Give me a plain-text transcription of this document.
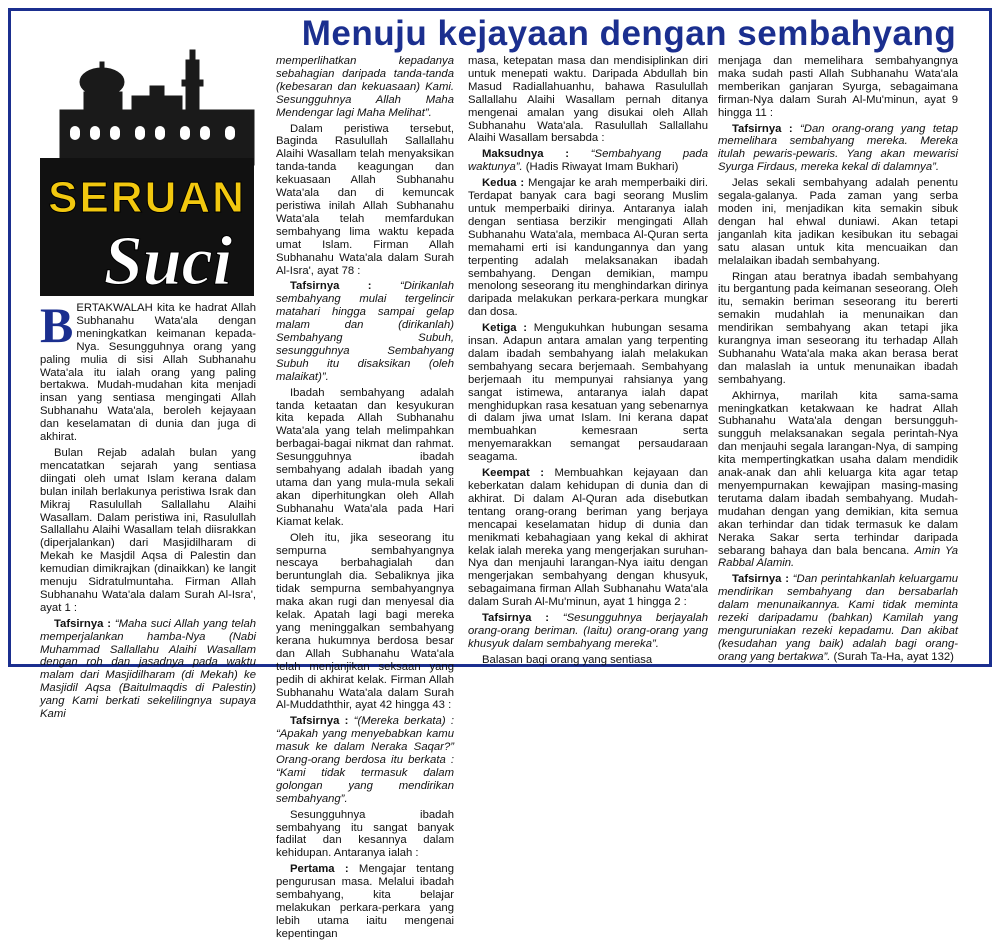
Menuju kejayaan dengan sembahyang
SERUAN
Suci

BERTAKWALAH kita ke hadrat Allah Subhanahu Wata'ala dengan meningkatkan keimanan kepada-Nya. Sesungguhnya orang yang paling mulia di sisi Allah Subhanahu Wata'ala itu ialah orang yang paling bertakwa. Mudah-mudahan kita menjadi insan yang sentiasa mengingati Allah Subhanahu Wata'ala, beroleh kejayaan dan keselamatan di dunia dan juga di akhirat.

Bulan Rejab adalah bulan yang mencatatkan sejarah yang sentiasa diingati oleh umat Islam kerana dalam bulan inilah berlakunya peristiwa Israk dan Mikraj Rasulullah Sallallahu Alaihi Wasallam. Dalam peristiwa ini, Rasulullah Sallallahu Alaihi Wasallam telah diisrakkan (diperjalankan) dari Masjidilharam di Mekah ke Masjdil Aqsa di Palestin dan kemudian dimikrajkan (dinaikkan) ke langit menuju Sidratulmuntaha. Firman Allah Subhanahu Wata'ala dalam Surah Al-Isra', ayat 1 :

Tafsirnya : “Maha suci Allah yang telah memperjalankan hamba-Nya (Nabi Muhammad Sallallahu Alaihi Wasallam dengan roh dan jasadnya pada waktu malam dari Masjidilharam (di Mekah) ke Masjidil Aqsa (Baitulmaqdis di Palestin) yang Kami berkati sekelilingnya supaya Kami

memperlihatkan kepadanya sebahagian daripada tanda-tanda (kebesaran dan kekuasaan) Kami. Sesungguhnya Allah Maha Mendengar lagi Maha Melihat”.

Dalam peristiwa tersebut, Baginda Rasulullah Sallallahu Alaihi Wasallam telah menyaksikan tanda-tanda keagungan dan kekuasaan Allah Subhanahu Wata'ala dan di kemuncak peristiwa inilah Allah Subhanahu Wata'ala telah memfardukan sembahyang lima waktu kepada umat Islam. Firman Allah Subhanahu Wata'ala dalam Surah Al-Isra', ayat 78 :

Tafsirnya :	“Dirikanlah sembahyang mulai tergelincir matahari hingga sampai gelap malam dan (dirikanlah) Sembahyang Subuh, sesungguhnya Sembahyang Subuh itu disaksikan (oleh malaikat)”.

Ibadah sembahyang adalah tanda ketaatan dan kesyukuran kita kepada Allah Subhanahu Wata'ala yang telah melimpahkan berbagai-bagai nikmat dan rahmat. Sesungguhnya ibadah sembahyang adalah ibadah yang utama dan yang mula-mula sekali akan diperhitungkan oleh Allah Subhanahu Wata'ala pada Hari Kiamat kelak.

Oleh itu, jika seseorang itu sempurna sembahyangnya nescaya berbahagialah dan beruntunglah dia. Sebaliknya jika tidak sempurna sembahyangnya maka akan rugi dan menyesal dia kelak. Apatah lagi bagi mereka yang meninggalkan sembahyang kerana hukumnya berdosa besar dan Allah Subhanahu Wata'ala telah menjanjikan seksaan yang pedih di akhirat kelak. Firman Allah Subhanahu Wata'ala dalam Surah Al-Muddaththir, ayat 42 hingga 43 :

Tafsirnya : “(Mereka berkata) : “Apakah yang menyebabkan kamu masuk ke dalam Neraka Saqar?” Orang-orang berdosa itu berkata : “Kami tidak termasuk dalam golongan yang mendirikan sembahyang”.

Sesungguhnya ibadah sembahyang itu sangat banyak fadilat dan kesannya dalam kehidupan. Antaranya ialah :

Pertama : Mengajar tentang pengurusan masa. Melalui ibadah sembahyang, kita belajar melakukan perkara-perkara yang lebih utama iaitu mengenai kepentingan

masa, ketepatan masa dan mendisiplinkan diri untuk menepati waktu. Daripada Abdullah bin Masud Radiallahuanhu, bahawa Rasulullah Sallallahu Alaihi Wasallam pernah ditanya mengenai amalan yang disukai oleh Allah Subhanahu Wata'ala. Rasulullah Sallallahu Alaihi Wasallam bersabda :

Maksudnya : “Sembahyang pada waktunya”. (Hadis Riwayat Imam Bukhari)

Kedua : Mengajar ke arah memperbaiki diri. Terdapat banyak cara bagi seorang Muslim untuk memperbaiki dirinya. Antaranya ialah dengan sentiasa berzikir mengingati Allah Subhanahu Wata'ala, membaca Al-Quran serta memahami erti isi kandungannya dan yang terpenting adalah melaksanakan ibadah sembahyang. Dengan demikian, mampu menolong seseorang itu menghindarkan dirinya daripada melakukan perkara-perkara mungkar dan dosa.

Ketiga : Mengukuhkan hubungan sesama insan. Adapun antara amalan yang terpenting dalam ibadah sembahyang ialah melakukan sembahyang secara berjemaah. Sembahyang berjemaah itu mempunyai rahsianya yang sangat istimewa, antaranya ialah dapat menghidupkan rasa kesatuan yang sebenarnya di dalam jiwa umat Islam. Ini kerana dapat membuahkan kemesraan serta menyemarakkan semangat persaudaraan seagama.

Keempat : Membuahkan kejayaan dan keberkatan dalam kehidupan di dunia dan di akhirat. Di dalam Al-Quran ada disebutkan tentang orang-orang beriman yang berjaya mencapai keselamatan hidup di dunia dan menikmati kebahagiaan yang kekal di akhirat kelak ialah mereka yang mengerjakan suruhan-Nya dan menjauhi larangan-Nya iaitu dengan mengerjakan sembahyang dengan khusyuk, sebagaimana firman Allah Subhanahu Wata'ala dalam Surah Al-Mu'minun, ayat 1 hingga 2 :

Tafsirnya : “Sesungguhnya berjayalah orang-orang beriman. (Iaitu) orang-orang yang khusyuk dalam sembahyang mereka”.

Balasan bagi orang yang sentiasa

menjaga dan memelihara sembahyangnya maka sudah pasti Allah Subhanahu Wata'ala memberikan ganjaran Syurga, sebagaimana firman-Nya dalam Surah Al-Mu'minun, ayat 9 hingga 11 :

Tafsirnya : “Dan orang-orang yang tetap memelihara sembahyang mereka. Mereka itulah pewaris-pewaris. Yang akan mewarisi Syurga Firdaus, mereka kekal di dalamnya”.

Jelas sekali sembahyang adalah penentu segala-galanya. Pada zaman yang serba moden ini, menjadikan kita semakin sibuk dengan hal ehwal duniawi. Akan tetapi janganlah kita jadikan kesibukan itu sebagai satu alasan untuk kita mencuaikan dan melalaikan ibadah sembahyang.

Ringan atau beratnya ibadah sembahyang itu bergantung pada keimanan seseorang. Oleh itu, semakin beriman seseorang itu bererti semakin mudahlah ia menunaikan dan mendirikan sembahyang akan tetapi jika kurangnya iman seseorang itu terhadap Allah Subhanahu Wata'ala maka akan berasa berat dan malaslah ia untuk menunaikan ibadah sembahyang.

Akhirnya, marilah kita sama-sama meningkatkan ketakwaan ke hadrat Allah Subhanahu Wata'ala dengan bersungguh-sungguh melaksanakan segala perintah-Nya dan menjauhi segala larangan-Nya, di samping kita mempertingkatkan usaha dalam mendidik anak-anak dan ahli keluarga kita agar tetap menyempurnakan kewajipan masing-masing terutama dalam ibadah sembahyang. Mudah-mudahan dengan yang demikian, kita semua akan terhindar dan tidak termasuk ke dalam Neraka Sakar serta terhindar daripada sebarang bahaya dan bala bencana. Amin Ya Rabbal Alamin.

Tafsirnya : “Dan perintahkanlah keluargamu mendirikan sembahyang dan bersabarlah dalam menunaikannya. Kami tidak meminta rezeki daripadamu (bahkan) Kamilah yang menguruniakan rezeki kepadamu. Dan akibat (kesudahan yang baik) adalah bagi orang-orang yang bertakwa”. (Surah Ta-Ha, ayat 132)
